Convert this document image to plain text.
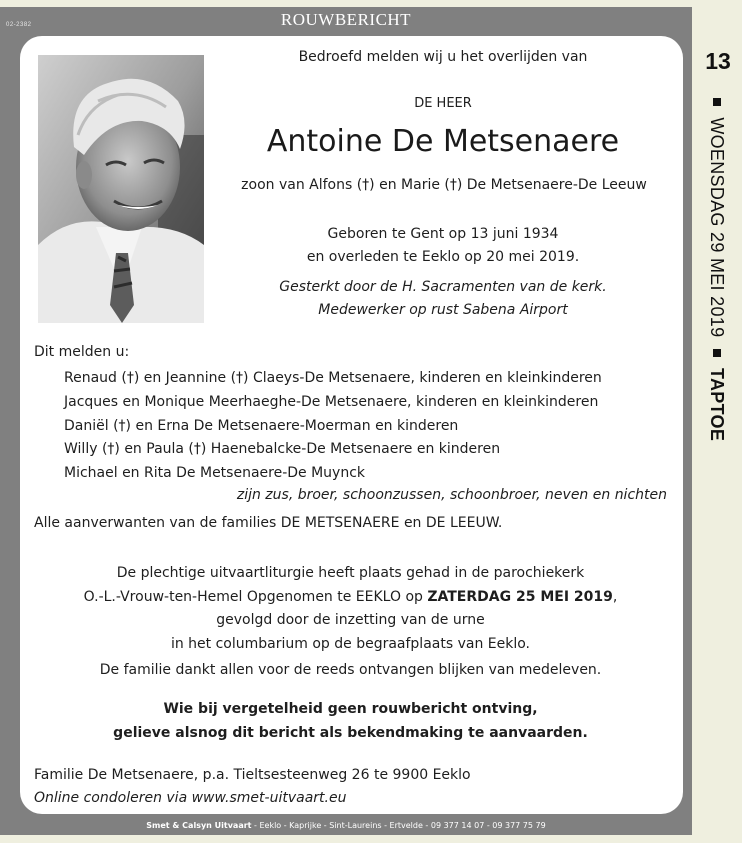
02-2382	ROUWBERICHT
Bedroefd melden wij u het overlijden van
DE HEER
Antoine De Metsenaere
zoon van Alfons (†) en Marie (†) De Metsenaere-De Leeuw
Geboren te Gent op 13 juni 1934
en overleden te Eeklo op 20 mei 2019.
Gesterkt door de H. Sacramenten van de kerk.
Medewerker op rust Sabena Airport
Dit melden u:
Renaud (†) en Jeannine (†) Claeys-De Metsenaere, kinderen en kleinkinderen
Jacques en Monique Meerhaeghe-De Metsenaere, kinderen en kleinkinderen
Daniël (†) en Erna De Metsenaere-Moerman en kinderen
Willy (†) en Paula (†) Haenebalcke-De Metsenaere en kinderen
Michael en Rita De Metsenaere-De Muynck
zijn zus, broer, schoonzussen, schoonbroer, neven en nichten
Alle aanverwanten van de families DE METSENAERE en DE LEEUW.
De plechtige uitvaartliturgie heeft plaats gehad in de parochiekerk
O.-L.-Vrouw-ten-Hemel Opgenomen te EEKLO op ZATERDAG 25 MEI 2019,
gevolgd door de inzetting van de urne
in het columbarium op de begraafplaats van Eeklo.
De familie dankt allen voor de reeds ontvangen blijken van medeleven.
Wie bij vergetelheid geen rouwbericht ontving,
gelieve alsnog dit bericht als bekendmaking te aanvaarden.
Familie De Metsenaere, p.a. Tieltsesteenweg 26 te 9900 Eeklo
Online condoleren via www.smet-uitvaart.eu
Smet & Calsyn Uitvaart - Eeklo - Kaprijke - Sint-Laureins - Ertvelde - 09 377 14 07 - 09 377 75 79
13
WOENSDAG 29 MEI 2019  TAPTOE
